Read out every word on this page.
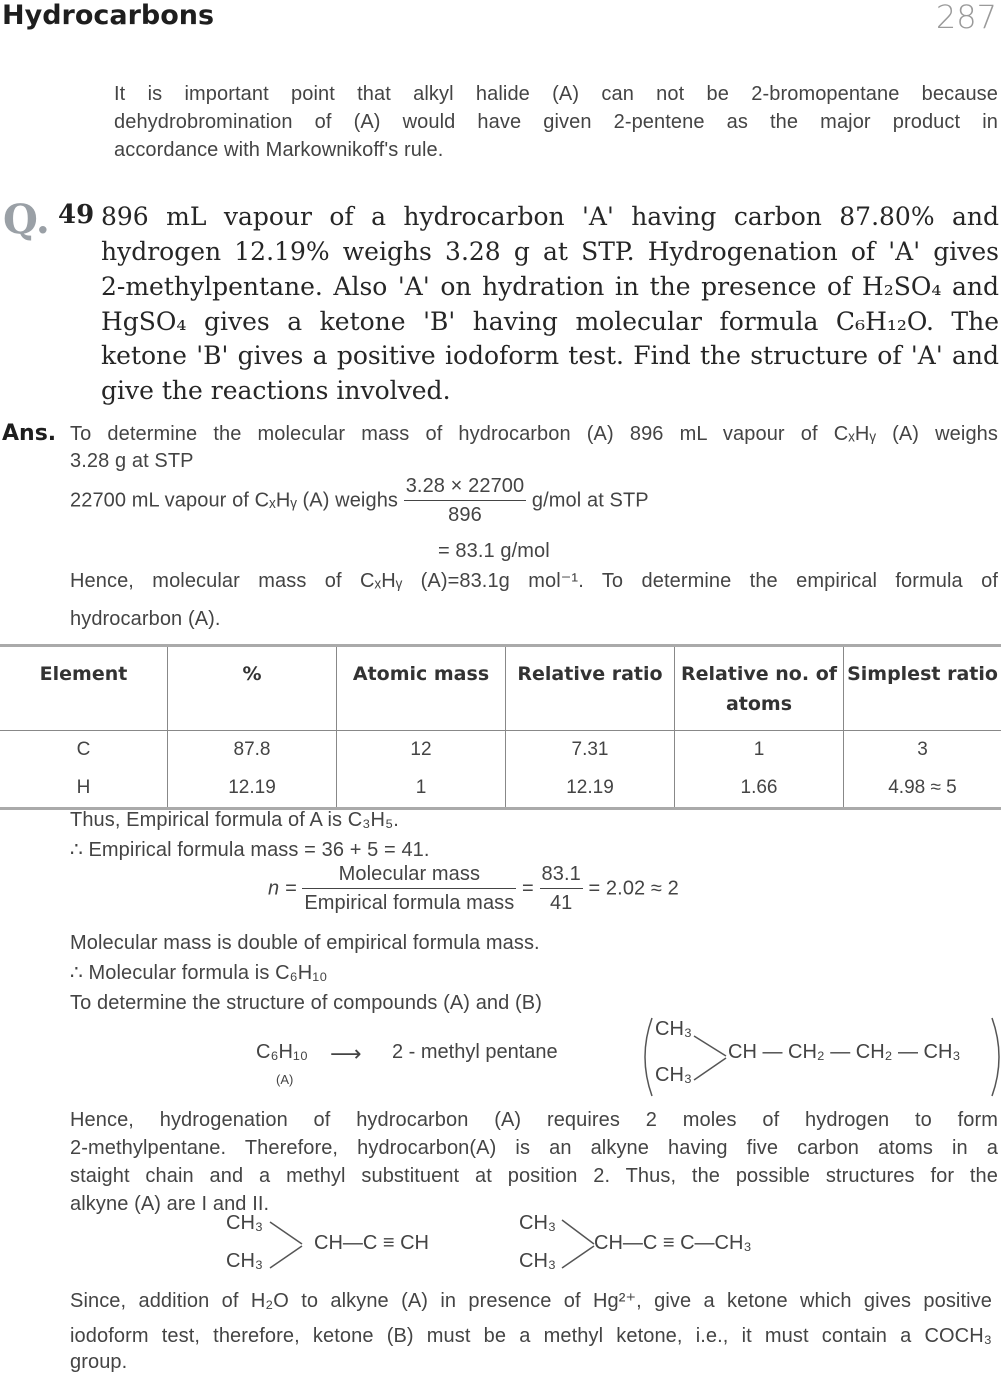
Hydrocarbons	287
It is important point that alkyl halide (A) can not be 2-bromopentane because
dehydrobromination of (A) would have given 2-pentene as the major product in
accordance with Markownikoff's rule.
Q. 49 896 mL vapour of a hydrocarbon 'A' having carbon 87.80% and
hydrogen 12.19% weighs 3.28 g at STP. Hydrogenation of 'A' gives
2-methylpentane. Also 'A' on hydration in the presence of H₂SO₄ and
HgSO₄ gives a ketone 'B' having molecular formula C₆H₁₂O. The
ketone 'B' gives a positive iodoform test. Find the structure of 'A' and
give the reactions involved.
Ans. To determine the molecular mass of hydrocarbon (A) 896 mL vapour of CₓHᵧ (A) weighs
3.28 g at STP
22700 mL vapour of CₓHᵧ (A) weighs $\frac{3.28 \times 22700}{896} g/mol$ at STP
= 83.1 g/mol
Hence, molecular mass of CₓHᵧ (A)=83.1g mol⁻¹. To determine the empirical formula of
hydrocarbon (A).
Element	%	Atomic mass	Relative ratio	Relative no. of atoms	Simplest ratio
C	87.8	12	7.31	1	3
H	12.19	1	12.19	1.66	4.98 ≈ 5
Thus, Empirical formula of A is C₃H₅.
∴ Empirical formula mass = 36 + 5 = 41.
$n = \frac{\text{Molecular mass}}{\text{Empirical formula mass}} = \frac{83.1}{41} = 2.02 \approx 2$
Molecular mass is double of empirical formula mass.
∴ Molecular formula is C₆H₁₀
To determine the structure of compounds (A) and (B)
C₆H₁₀
(A)
⟶ 2 - methyl pentane
CH₃
CH₃
CH — CH₂ — CH₂ — CH₃
Hence, hydrogenation of hydrocarbon (A) requires 2 moles of hydrogen to form
2-methylpentane. Therefore, hydrocarbon(A) is an alkyne having five carbon atoms in a
staight chain and a methyl substituent at position 2. Thus, the possible structures for the
alkyne (A) are I and II.
CH₃
CH₃
CH—C ≡ CH
CH₃
CH₃
CH—C ≡ C—CH₃
Since, addition of H₂O to alkyne (A) in presence of Hg²⁺, give a ketone which gives positive
iodoform test, therefore, ketone (B) must be a methyl ketone, i.e., it must contain a COCH₃
group.
